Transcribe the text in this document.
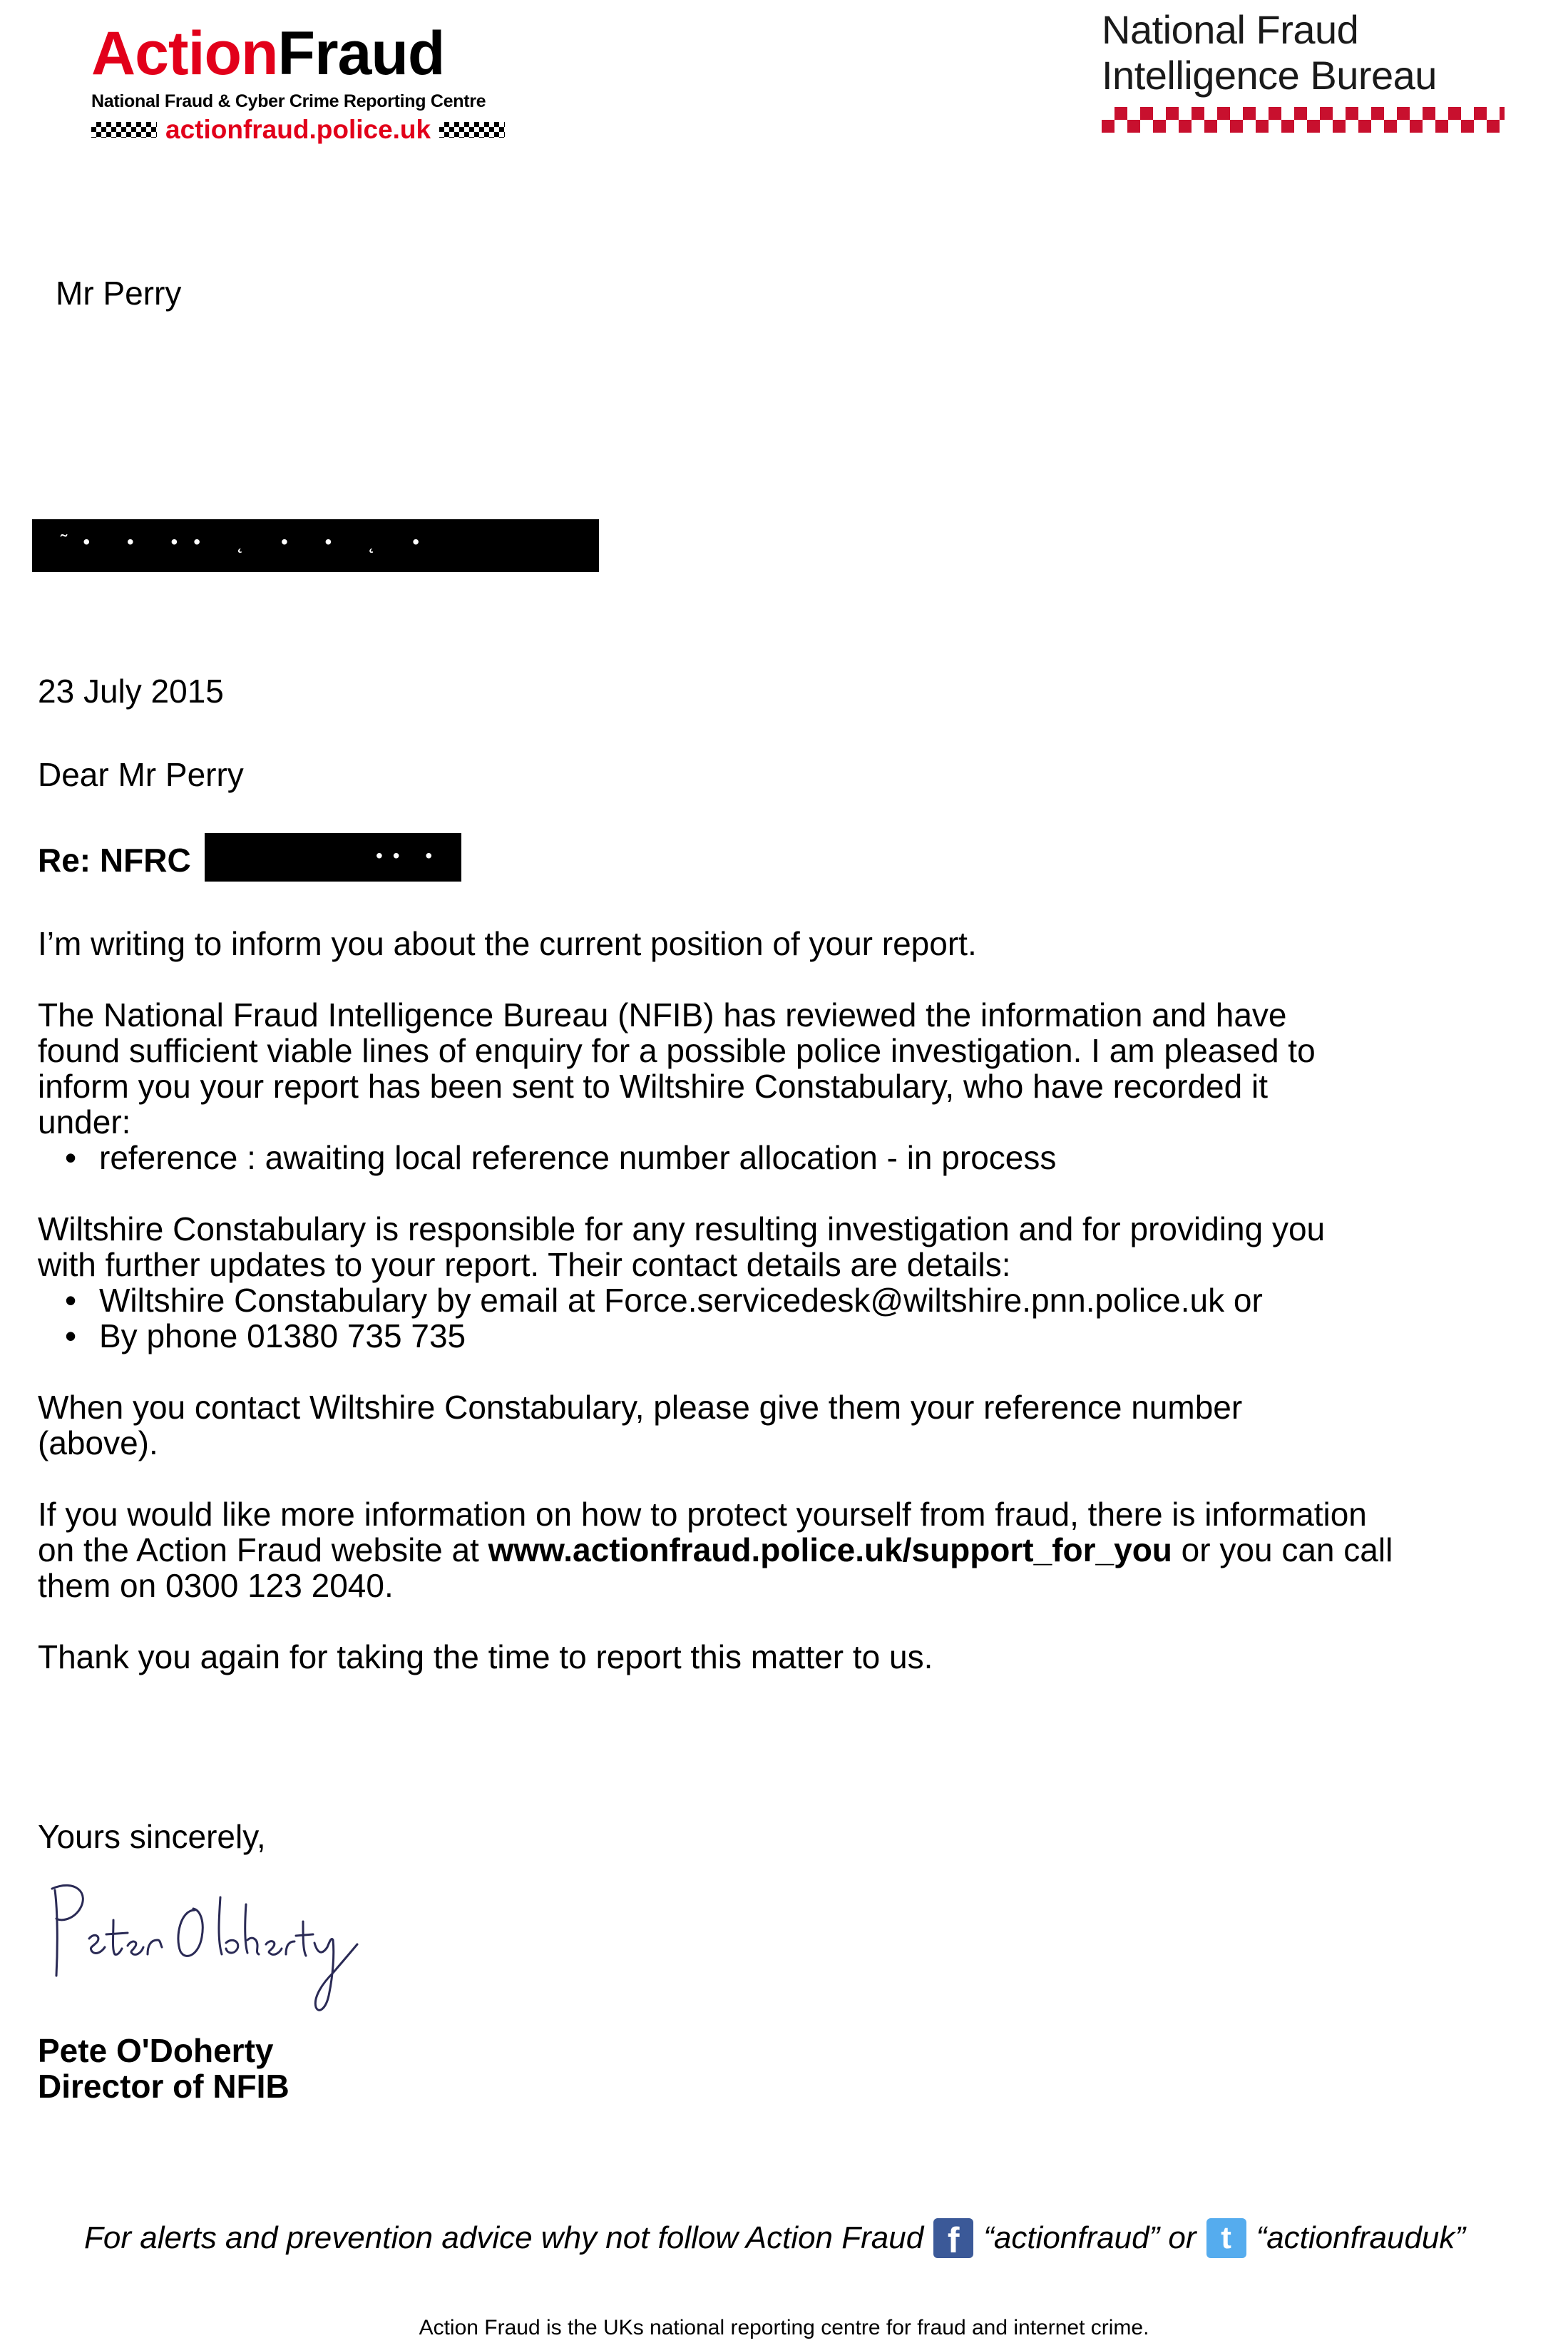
ActionFraud
National Fraud & Cyber Crime Reporting Centre
actionfraud.police.uk
National Fraud
Intelligence Bureau
Mr Perry
˜• • •• ˛ • • ˛ •
23 July 2015
Dear Mr Perry
Re: NFRC	•• •
I’m writing to inform you about the current position of your report.
The National Fraud Intelligence Bureau (NFIB) has reviewed the information and have
found sufficient viable lines of enquiry for a possible police investigation. I am pleased to
inform you your report has been sent to Wiltshire Constabulary, who have recorded it
under:
• reference : awaiting local reference number allocation - in process
Wiltshire Constabulary is responsible for any resulting investigation and for providing you
with further updates to your report. Their contact details are details:
• Wiltshire Constabulary by email at Force.servicedesk@wiltshire.pnn.police.uk or
• By phone 01380 735 735
When you contact Wiltshire Constabulary, please give them your reference number
(above).
If you would like more information on how to protect yourself from fraud, there is information
on the Action Fraud website at www.actionfraud.police.uk/support_for_you or you can call
them on 0300 123 2040.
Thank you again for taking the time to report this matter to us.
Yours sincerely,
Pete O'Doherty
Director of NFIB
For alerts and prevention advice why not follow Action Fraud f “actionfraud” or t “actionfrauduk”
Action Fraud is the UKs national reporting centre for fraud and internet crime.
